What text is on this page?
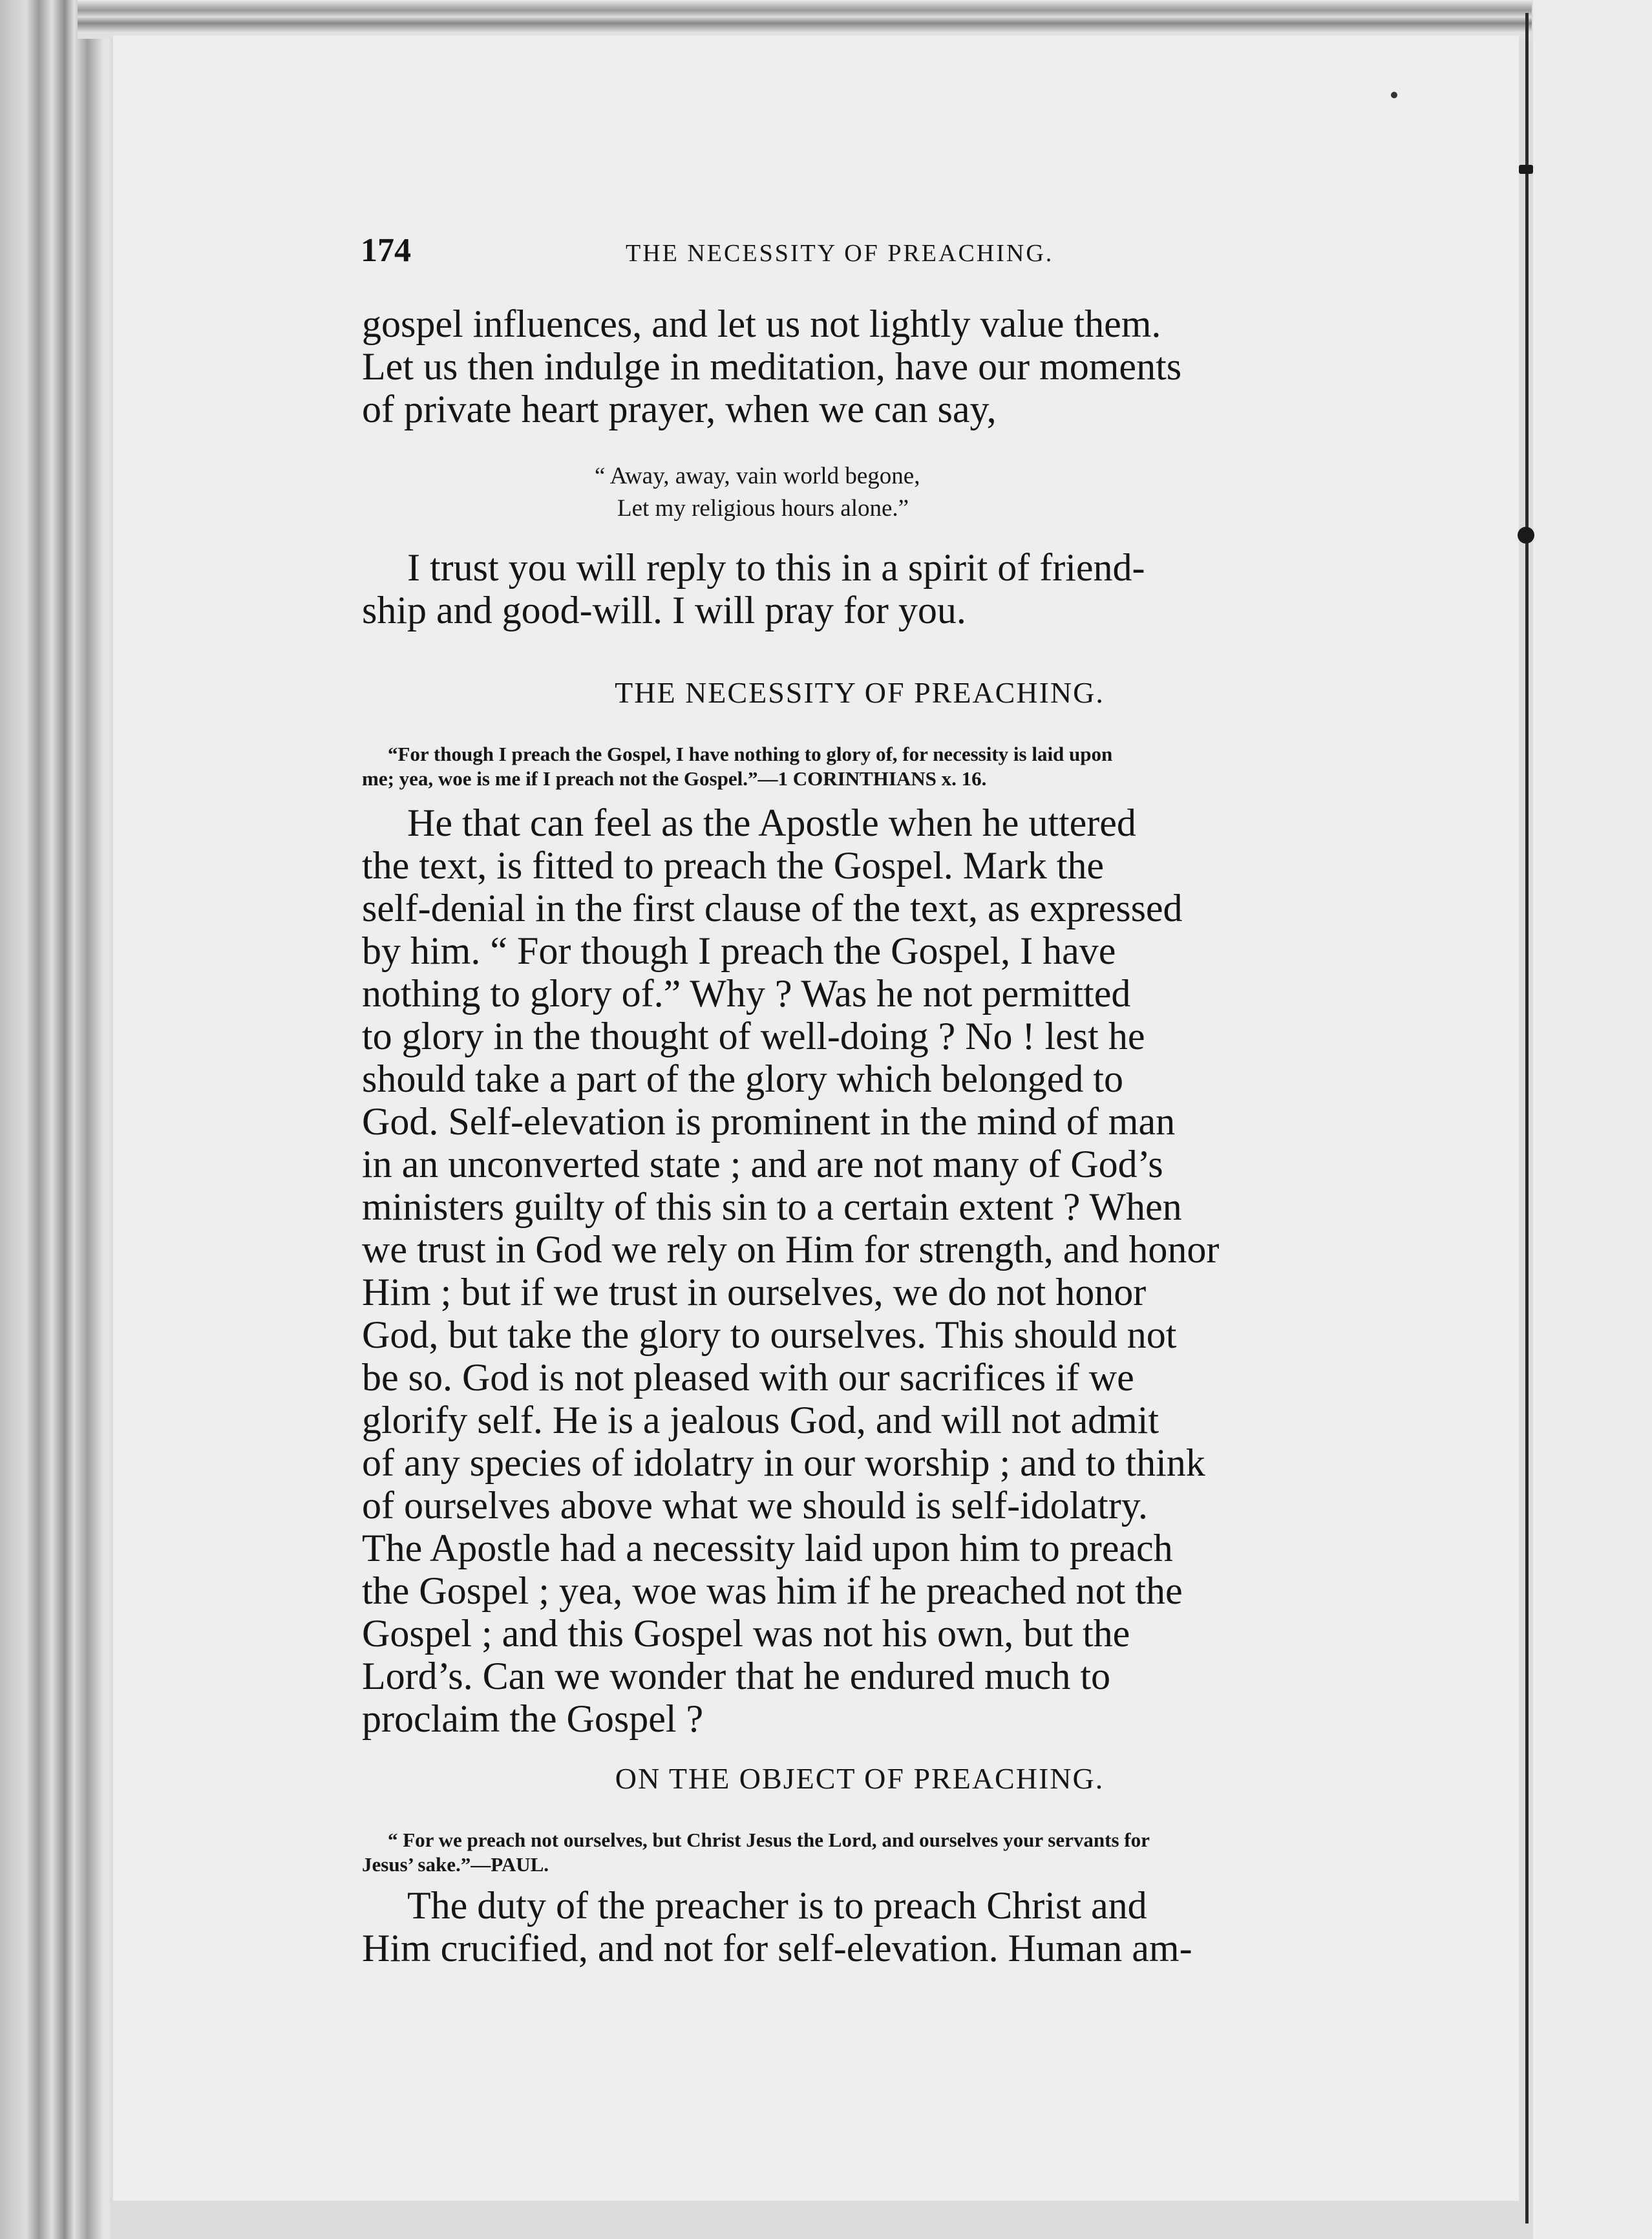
174	THE NECESSITY OF PREACHING.

gospel influences, and let us not lightly value them.
Let us then indulge in meditation, have our moments
of private heart prayer, when we can say,

“ Away, away, vain world begone,
Let my religious hours alone.”

I trust you will reply to this in a spirit of friend-
ship and good-will. I will pray for you.

THE NECESSITY OF PREACHING.
“For though I preach the Gospel, I have nothing to glory of, for necessity is laid upon
me; yea, woe is me if I preach not the Gospel.”—1 CORINTHIANS x. 16.

He that can feel as the Apostle when he uttered
the text, is fitted to preach the Gospel. Mark the
self-denial in the first clause of the text, as expressed
by him. “ For though I preach the Gospel, I have
nothing to glory of.” Why ? Was he not permitted
to glory in the thought of well-doing ? No ! lest he
should take a part of the glory which belonged to
God. Self-elevation is prominent in the mind of man
in an unconverted state ; and are not many of God’s
ministers guilty of this sin to a certain extent ? When
we trust in God we rely on Him for strength, and honor
Him ; but if we trust in ourselves, we do not honor
God, but take the glory to ourselves. This should not
be so. God is not pleased with our sacrifices if we
glorify self. He is a jealous God, and will not admit
of any species of idolatry in our worship ; and to think
of ourselves above what we should is self-idolatry.
The Apostle had a necessity laid upon him to preach
the Gospel ; yea, woe was him if he preached not the
Gospel ; and this Gospel was not his own, but the
Lord’s. Can we wonder that he endured much to
proclaim the Gospel ?

ON THE OBJECT OF PREACHING.
“ For we preach not ourselves, but Christ Jesus the Lord, and ourselves your servants for
Jesus’ sake.”—PAUL.

The duty of the preacher is to preach Christ and
Him crucified, and not for self-elevation. Human am-
